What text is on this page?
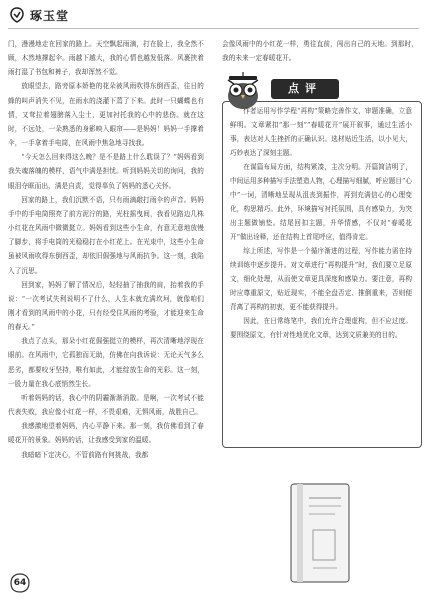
琢玉堂

门，漫漫地走在回家的路上。天空飘起雨滴，打在脸上，我全然不顾，木然地撑起伞。雨越下越大，我的心情也越发低落。风裹挟着雨打湿了书包和裤子，我却浑然不觉。

放眼望去，路旁原本娇艳的花朵被风雨吹得东倒西歪，往日的蜂的叫声消失不见，在雨水的浇灌下蔫了下来。此时一只蝴蝶也有情，又耷拉着翅膀落入尘土，更加衬托我的心中的悲伤。就在这时，不远处，一朵熟悉的身影映入眼帘——是妈妈！妈妈一手撑着伞，一手拿着手电筒，在风雨中焦急地寻找我。

“今天怎么回来得这么晚？是不是路上什么耽误了？”妈妈看到我失魂落魄的模样，语气中满是担忧。听到妈妈关切的询问，我的眼泪夺眶而出，满是自责，觉得辜负了妈妈的悉心关怀。

回家的路上，我们沉默不语，只有雨滴敲打雨伞的声音。妈妈手中的手电筒照亮了前方泥泞的路，光柱摇曳间，我看见路边几株小红花在风雨中微微挺立。妈妈看到这些小生命，有意无意地放慢了脚步，将手电筒的光稳稳打在小红花上。在光束中，这些小生命虽被风雨吹得东倒西歪，却依旧倔强地与风雨抗争。这一刻，我陷入了沉思。

回到家，妈妈了解了情况后，轻轻抽了抽我的肩，抬着我的手说：“一次考试失利说明不了什么，人生本就充满坎坷，就像咱们刚才看到的风雨中的小花，只有经受住风雨的考验，才能迎来生命的春天。”

我点了点头，那朵小红花倔强挺立的模样，再次清晰地浮现在眼前。在风雨中，它孤独而无助，仿佛在向我诉说：无论天气多么恶劣，都要咬牙坚持，唯有如此，才能绽放生命的光彩。这一刻，一股力量在我心底悄然生长。

听着妈妈的话，我心中的阴霾渐渐消散。是啊，一次考试不能代表失败，我应像小红花一样，不畏艰难，无惧风雨，战胜自己。

我感激地望着妈妈，内心平静下来。那一刻，我仿佛看到了春暖花开的景象。妈妈的话，让我感受到家的温暖。

我暗暗下定决心，不管前路有何挑战，我都

会像风雨中的小红花一样，勇往直前，闯出自己的天地。到那时，我的未来一定春暖花开。

点评

作者运用写作学程“再构”策略完善作文，审题准确，立意鲜明。文章紧扣“那一刻”“春暖花开”展开叙事，通过生活小事，表达对人生挫折的正确认识。选材贴近生活，以小见大，巧妙表达了深刻主题。

在谋篇布局方面，结构紧凑，主次分明。开篇简洁明了，中间运用多种描写手法塑造人物，心理描写细腻，呼应题目“心中”一词，清晰地呈现从沮丧到振作，再到充满信心的心理变化，构思精巧。此外，环境描写衬托氛围，具有感染力，为突出主题做铺垫。结尾回扣主题，升华情感，不仅对“春暖花开”做出诠释，还在结构上首尾呼应，值得肯定。

综上所述，写作是一个循序渐进的过程，写作能力需在持续训练中逐步提升。对文章进行“再构提升”时，我们要立足原文，细化处理，从而使文章更具深度和感染力。要注意，再构时应尊重原文，贴近现实，不能全盘否定、推倒重来，否则便背离了再构的初衷，更不能获得提升。

因此，在日常练笔中，我们允许合理虚构，但不应过度。要围绕原文，有针对性地优化文章，达到文质兼美的目的。

64
